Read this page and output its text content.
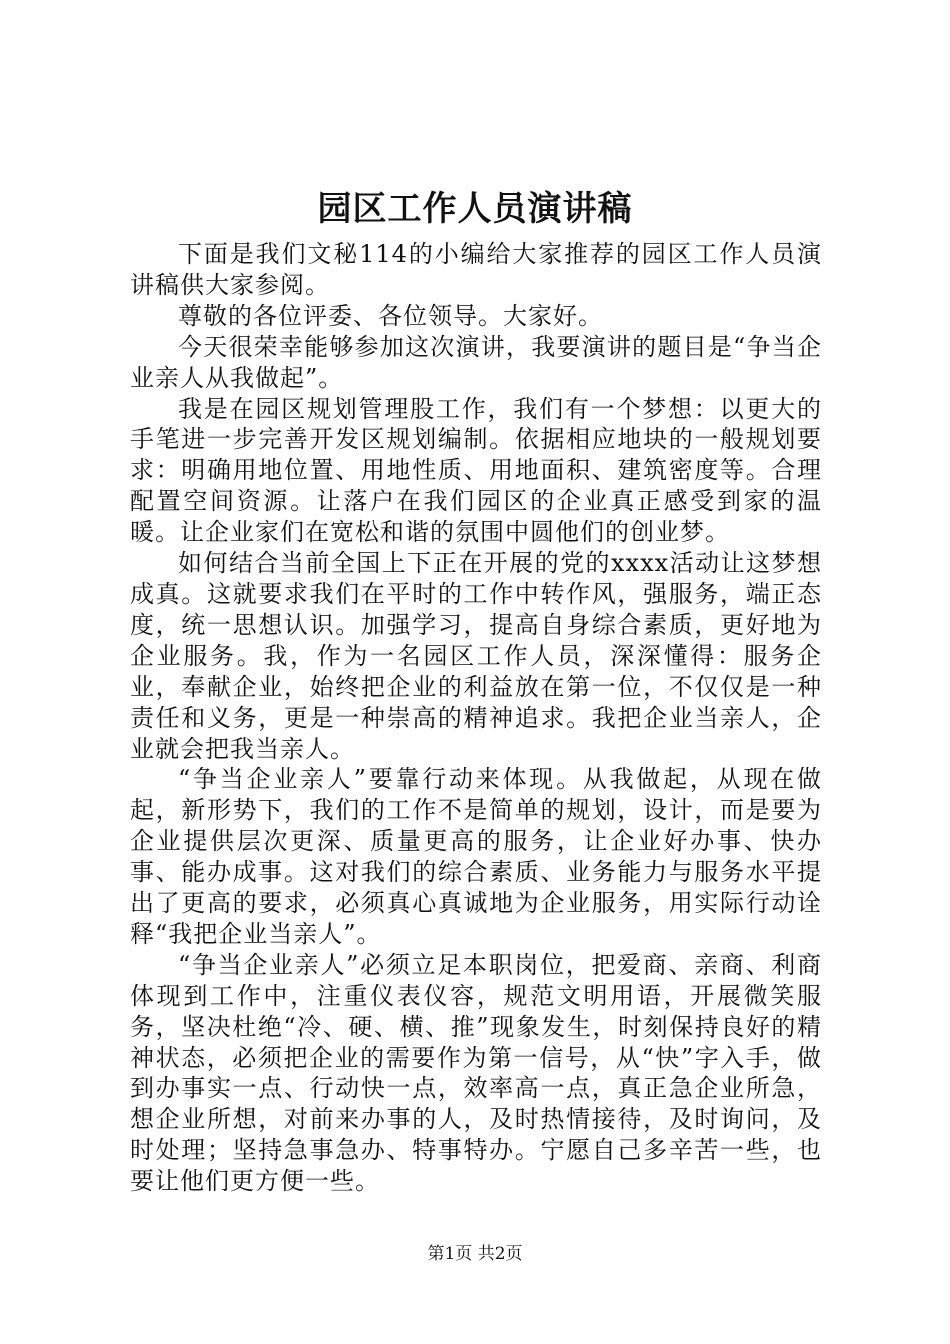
园区工作人员演讲稿

下面是我们文秘114的小编给大家推荐的园区工作人员演讲稿供大家参阅。

尊敬的各位评委、各位领导。大家好。

今天很荣幸能够参加这次演讲，我要演讲的题目是“争当企业亲人从我做起”。

我是在园区规划管理股工作，我们有一个梦想：以更大的手笔进一步完善开发区规划编制。依据相应地块的一般规划要求：明确用地位置、用地性质、用地面积、建筑密度等。合理配置空间资源。让落户在我们园区的企业真正感受到家的温暖。让企业家们在宽松和谐的氛围中圆他们的创业梦。

如何结合当前全国上下正在开展的党的xxxx活动让这梦想成真。这就要求我们在平时的工作中转作风，强服务，端正态度，统一思想认识。加强学习，提高自身综合素质，更好地为企业服务。我，作为一名园区工作人员，深深懂得：服务企业，奉献企业，始终把企业的利益放在第一位，不仅仅是一种责任和义务，更是一种崇高的精神追求。我把企业当亲人，企业就会把我当亲人。

“争当企业亲人”要靠行动来体现。从我做起，从现在做起，新形势下，我们的工作不是简单的规划，设计，而是要为企业提供层次更深、质量更高的服务，让企业好办事、快办事、能办成事。这对我们的综合素质、业务能力与服务水平提出了更高的要求，必须真心真诚地为企业服务，用实际行动诠释“我把企业当亲人”。

“争当企业亲人”必须立足本职岗位，把爱商、亲商、利商体现到工作中，注重仪表仪容，规范文明用语，开展微笑服务，坚决杜绝“冷、硬、横、推”现象发生，时刻保持良好的精神状态，必须把企业的需要作为第一信号，从“快”字入手，做到办事实一点、行动快一点，效率高一点，真正急企业所急，想企业所想，对前来办事的人，及时热情接待，及时询问，及时处理；坚持急事急办、特事特办。宁愿自己多辛苦一些，也要让他们更方便一些。

第1页 共2页
